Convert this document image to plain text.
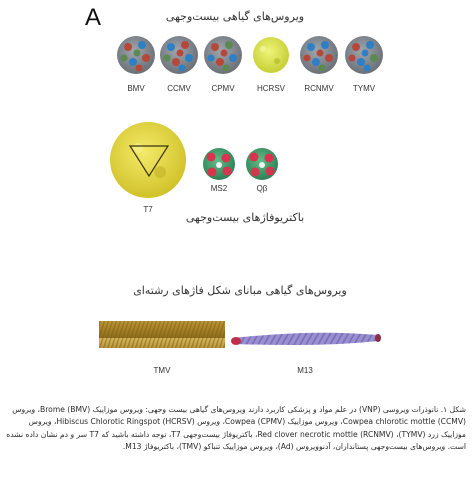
A	ویروس‌های گیاهی بیست‌وجهی
BMV	CCMV	CPMV	HCRSV	RCNMV	TYMV
T7
MS2	Qβ
باکتریوفاژهای بیست‌وجهی
ویروس‌های گیاهی مبانای شکل فاژهای رشته‌ای
TMV	M13
شکل ۱. نانوذرات ویروسی (VNP) در علم مواد و پزشکی کاربرد دارند ویروس‌های گیاهی بیست وجهی: ویروس موزاییک Brome (BMV)، ویروس Cowpea chlorotic mottle (CCMV)، ویروس موزاییک Cowpea (CPMV)، ویروس Hibiscus Chlorotic Ringspot (HCRSV)، ویروس موزاییک زرد (TYMV)، Red clover necrotic mottle (RCNMV)، باکتریوفاژ بیست‌وجهی T7، توجه داشته باشید که T7 سر و دم نشان داده نشده است. ویروس‌های بیست‌وجهی پستانداران، آدنوویروس (Ad)، ویروس موزاییک تنباکو (TMV)، باکتریوفاژ M13.
